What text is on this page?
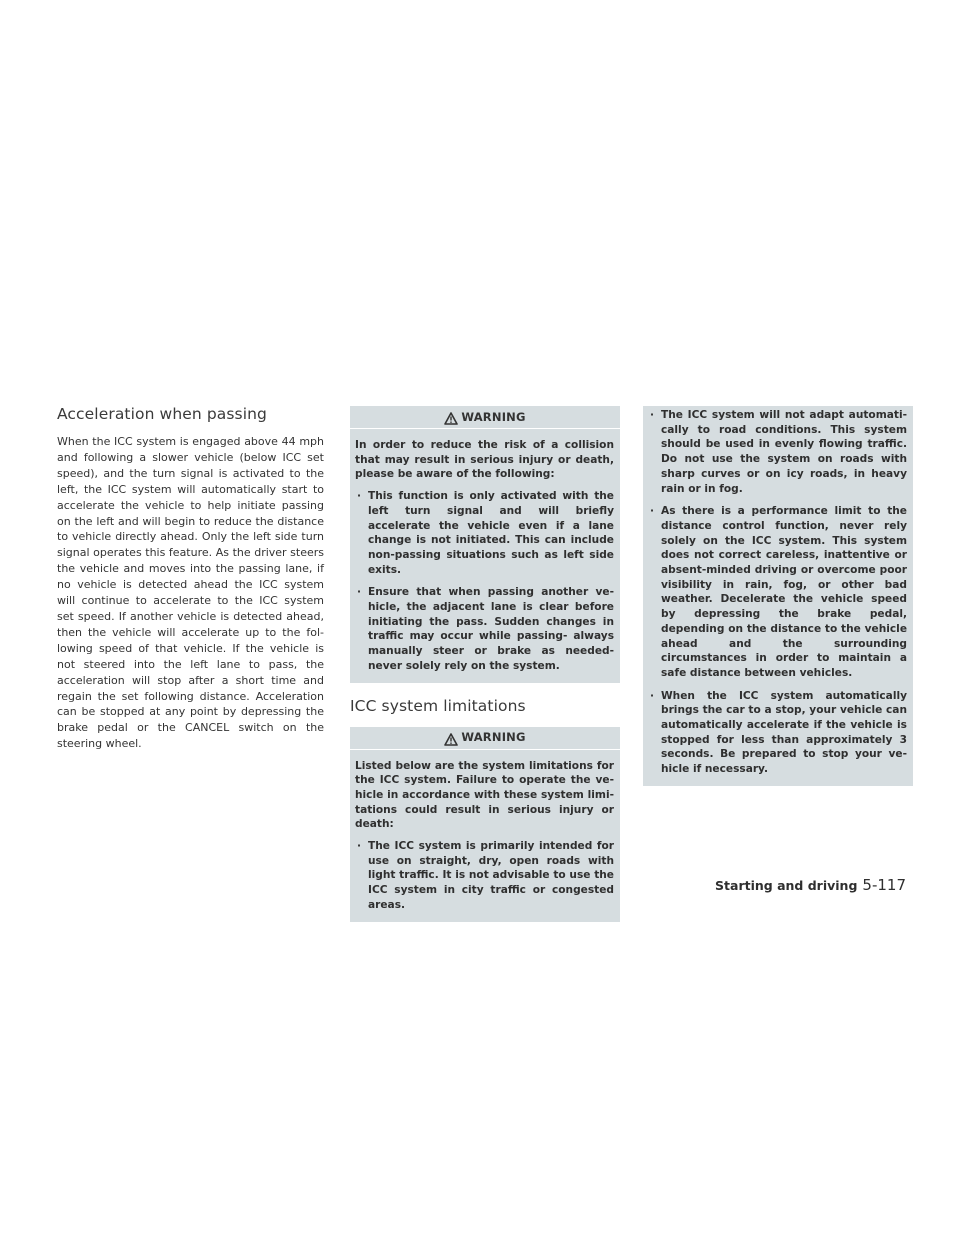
Acceleration when passing

When the ICC system is engaged above 44 mph and following a slower vehicle (below ICC set speed), and the turn signal is activated to the left, the ICC system will automatically start to accelerate the vehicle to help initiate passing on the left and will begin to reduce the distance to vehicle directly ahead. Only the left side turn signal operates this feature. As the driver steers the vehicle and moves into the passing lane, if no vehicle is detected ahead the ICC system will continue to accelerate to the ICC system set speed. If another vehicle is detected ahead, then the vehicle will accelerate up to the following speed of that vehicle. If the vehicle is not steered into the left lane to pass, the acceleration will stop after a short time and regain the set following distance. Acceleration can be stopped at any point by depressing the brake pedal or the CANCEL switch on the steering wheel.

WARNING

In order to reduce the risk of a collision that may result in serious injury or death, please be aware of the following:

· This function is only activated with the left turn signal and will briefly accelerate the vehicle even if a lane change is not initiated. This can include non-passing situations such as left side exits.
· Ensure that when passing another vehicle, the adjacent lane is clear before initiating the pass. Sudden changes in traffic may occur while passing- always manually steer or brake as needed- never solely rely on the system.
ICC system limitations
WARNING

Listed below are the system limitations for the ICC system. Failure to operate the vehicle in accordance with these system limitations could result in serious injury or death:

· The ICC system is primarily intended for use on straight, dry, open roads with light traffic. It is not advisable to use the ICC system in city traffic or congested areas.
· The ICC system will not adapt automatically to road conditions. This system should be used in evenly flowing traffic. Do not use the system on roads with sharp curves or on icy roads, in heavy rain or in fog.
· As there is a performance limit to the distance control function, never rely solely on the ICC system. This system does not correct careless, inattentive or absent-minded driving or overcome poor visibility in rain, fog, or other bad weather. Decelerate the vehicle speed by depressing the brake pedal, depending on the distance to the vehicle ahead and the surrounding circumstances in order to maintain a safe distance between vehicles.
· When the ICC system automatically brings the car to a stop, your vehicle can automatically accelerate if the vehicle is stopped for less than approximately 3 seconds. Be prepared to stop your vehicle if necessary.
Starting and driving 5-117
